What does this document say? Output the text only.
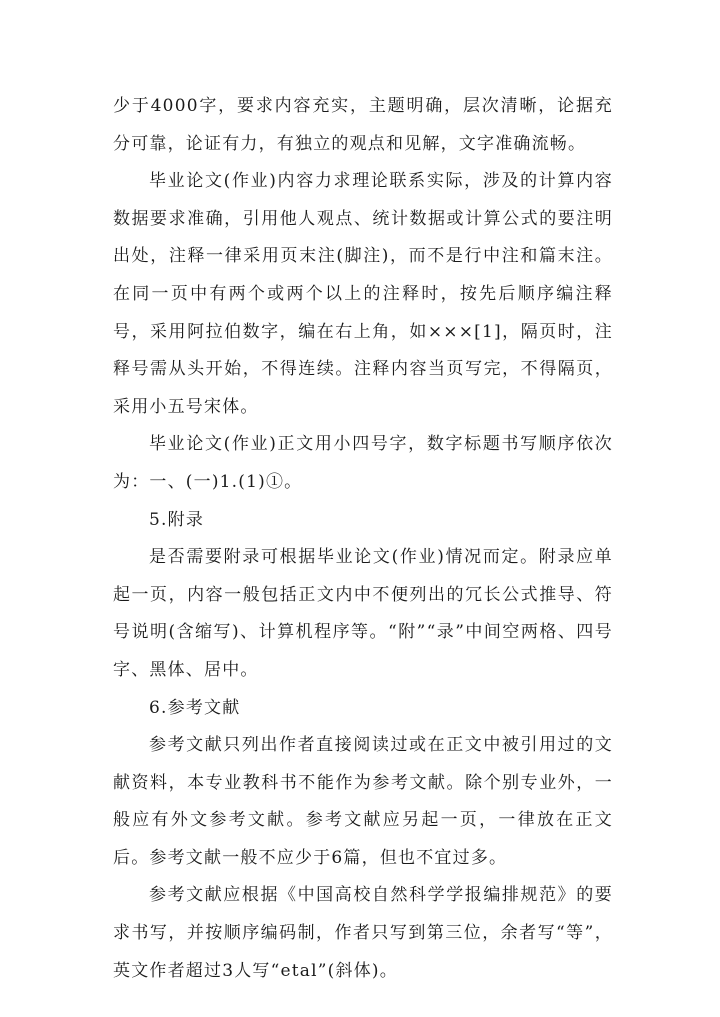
少于4000字，要求内容充实，主题明确，层次清晰，论据充分可靠，论证有力，有独立的观点和见解，文字准确流畅。

毕业论文(作业)内容力求理论联系实际，涉及的计算内容数据要求准确，引用他人观点、统计数据或计算公式的要注明出处，注释一律采用页末注(脚注)，而不是行中注和篇末注。在同一页中有两个或两个以上的注释时，按先后顺序编注释号，采用阿拉伯数字，编在右上角，如×××[1]，隔页时，注释号需从头开始，不得连续。注释内容当页写完，不得隔页，采用小五号宋体。

毕业论文(作业)正文用小四号字，数字标题书写顺序依次为：一、(一)1.(1)①。

5.附录

是否需要附录可根据毕业论文(作业)情况而定。附录应单起一页，内容一般包括正文内中不便列出的冗长公式推导、符号说明(含缩写)、计算机程序等。“附”“录”中间空两格、四号字、黑体、居中。

6.参考文献

参考文献只列出作者直接阅读过或在正文中被引用过的文献资料，本专业教科书不能作为参考文献。除个别专业外，一般应有外文参考文献。参考文献应另起一页，一律放在正文后。参考文献一般不应少于6篇，但也不宜过多。

参考文献应根据《中国高校自然科学学报编排规范》的要求书写，并按顺序编码制，作者只写到第三位，余者写“等”，英文作者超过3人写“etal”(斜体)。
